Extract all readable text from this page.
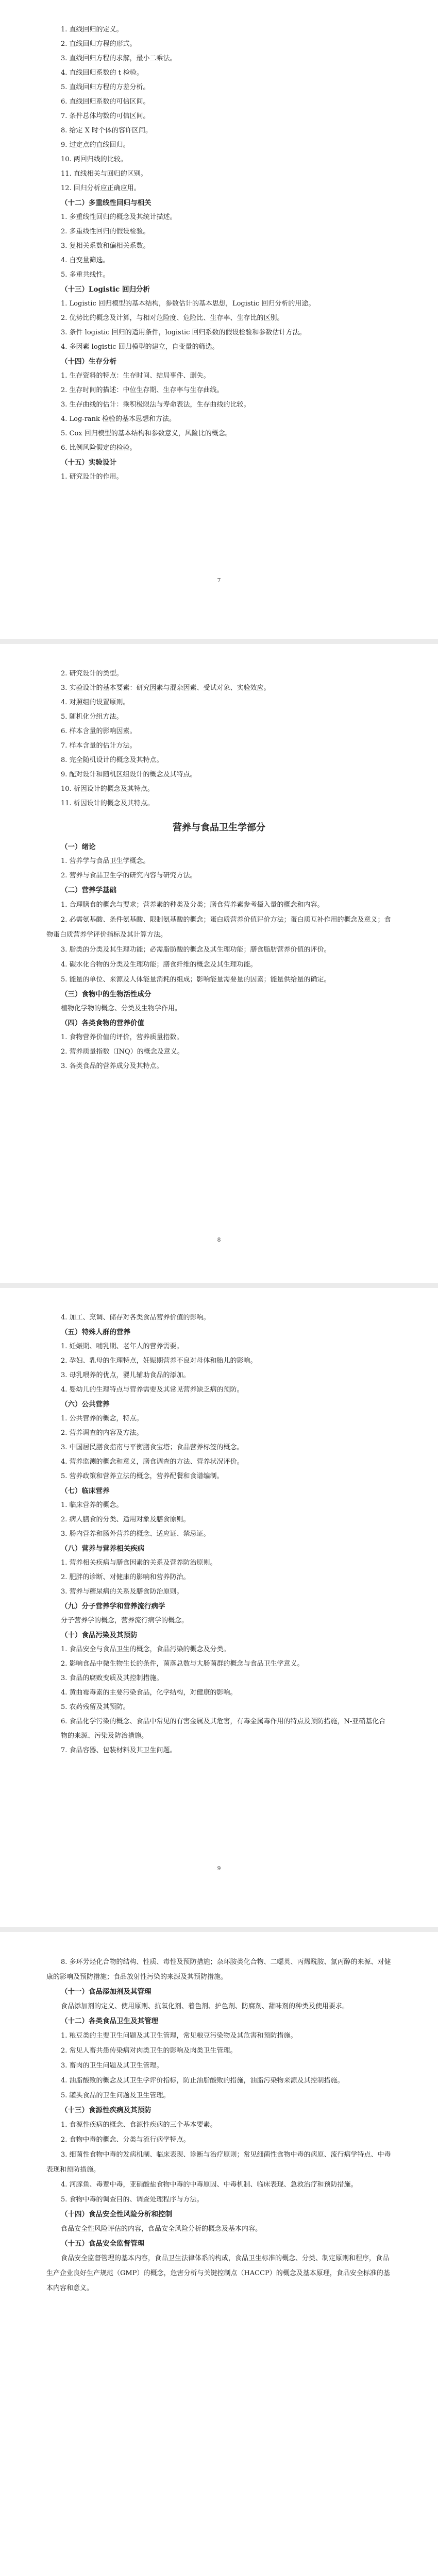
1. 直线回归的定义。

2. 直线回归方程的形式。

3. 直线回归方程的求解，最小二乘法。

4. 直线回归系数的 t 检验。

5. 直线回归方程的方差分析。

6. 直线回归系数的可信区间。

7. 条件总体均数的可信区间。

8. 给定 X 时个体的容许区间。

9. 过定点的直线回归。

10. 两回归线的比较。

11. 直线相关与回归的区别。

12. 回归分析应正确应用。

（十二）多重线性回归与相关

1. 多重线性回归的概念及其统计描述。

2. 多重线性回归的假设检验。

3. 复相关系数和偏相关系数。

4. 自变量筛选。

5. 多重共线性。

（十三）Logistic 回归分析

1. Logistic 回归模型的基本结构，参数估计的基本思想，Logistic 回归分析的用途。

2. 优势比的概念及计算，与相对危险度、危险比、生存率、生存比的区别。

3. 条件 logistic 回归的适用条件，logistic 回归系数的假设检验和参数估计方法。

4. 多因素 logistic 回归模型的建立，自变量的筛选。

（十四）生存分析

1. 生存资料的特点：生存时间、结局事件、删失。

2. 生存时间的描述：中位生存期、生存率与生存曲线。

3. 生存曲线的估计：乘积极限法与寿命表法，生存曲线的比较。

4. Log-rank 检验的基本思想和方法。

5. Cox 回归模型的基本结构和参数意义，风险比的概念。

6. 比例风险假定的检验。

（十五）实验设计

1. 研究设计的作用。

7

2. 研究设计的类型。

3. 实验设计的基本要素：研究因素与混杂因素、受试对象、实验效应。

4. 对照组的设置原则。

5. 随机化分组方法。

6. 样本含量的影响因素。

7. 样本含量的估计方法。

8. 完全随机设计的概念及其特点。

9. 配对设计和随机区组设计的概念及其特点。

10. 析因设计的概念及其特点。

11. 析因设计的概念及其特点。

营养与食品卫生学部分

（一）绪论

1. 营养学与食品卫生学概念。

2. 营养与食品卫生学的研究内容与研究方法。

（二）营养学基础

1. 合理膳食的概念与要求；营养素的种类及分类；膳食营养素参考摄入量的概念和内容。

2. 必需氨基酸、条件氨基酸、限制氨基酸的概念；蛋白质营养价值评价方法；蛋白质互补作用的概念及意义；食物蛋白质营养学评价指标及其计算方法。

3. 脂类的分类及其生理功能；必需脂肪酸的概念及其生理功能；膳食脂肪营养价值的评价。

4. 碳水化合物的分类及生理功能；膳食纤维的概念及其生理功能。

5. 能量的单位、来源及人体能量消耗的组成；影响能量需要量的因素；能量供给量的确定。

（三）食物中的生物活性成分

植物化学物的概念、分类及生物学作用。

（四）各类食物的营养价值

1. 食物营养价值的评价，营养质量指数。

2. 营养质量指数（INQ）的概念及意义。

3. 各类食品的营养成分及其特点。

8

4. 加工、烹调、储存对各类食品营养价值的影响。

（五）特殊人群的营养

1. 妊娠期、哺乳期、老年人的营养需要。

2. 孕妇、乳母的生理特点，妊娠期营养不良对母体和胎儿的影响。

3. 母乳喂养的优点，婴儿辅助食品的添加。

4. 婴幼儿的生理特点与营养需要及其常见营养缺乏病的预防。

（六）公共营养

1. 公共营养的概念，特点。

2. 营养调查的内容及方法。

3. 中国居民膳食指南与平衡膳食宝塔；食品营养标签的概念。

4. 营养监测的概念和意义，膳食调查的方法、营养状况评价。

5. 营养政策和营养立法的概念，营养配餐和食谱编制。

（七）临床营养

1. 临床营养的概念。

2. 病人膳食的分类、适用对象及膳食原则。

3. 肠内营养和肠外营养的概念、适应证、禁忌证。

（八）营养与营养相关疾病

1. 营养相关疾病与膳食因素的关系及营养防治原则。

2. 肥胖的诊断、对健康的影响和营养防治。

3. 营养与糖尿病的关系及膳食防治原则。

（九）分子营养学和营养流行病学

分子营养学的概念，营养流行病学的概念。

（十）食品污染及其预防

1. 食品安全与食品卫生的概念，食品污染的概念及分类。

2. 影响食品中微生物生长的条件，菌落总数与大肠菌群的概念与食品卫生学意义。

3. 食品的腐败变质及其控制措施。

4. 黄曲霉毒素的主要污染食品，化学结构，对健康的影响。

5. 农药残留及其预防。

6. 食品化学污染的概念、食品中常见的有害金属及其危害，有毒金属毒作用的特点及预防措施，N-亚硝基化合物的来源、污染及防治措施。

7. 食品容器、包装材料及其卫生问题。

9

8. 多环芳烃化合物的结构、性质、毒性及预防措施；杂环胺类化合物、二噁英、丙烯酰胺、氯丙醇的来源、对健康的影响及预防措施；食品放射性污染的来源及其预防措施。

（十一）食品添加剂及其管理

食品添加剂的定义、使用原则、抗氧化剂、着色剂、护色剂、防腐剂、甜味剂的种类及使用要求。

（十二）各类食品卫生及其管理

1. 粮豆类的主要卫生问题及其卫生管理，常见粮豆污染物及其危害和预防措施。

2. 常见人畜共患传染病对肉类卫生的影响及肉类卫生管理。

3. 畜肉的卫生问题及其卫生管理。

4. 油脂酸败的概念及其卫生学评价指标，防止油脂酸败的措施，油脂污染物来源及其控制措施。

5. 罐头食品的卫生问题及卫生管理。

（十三）食源性疾病及其预防

1. 食源性疾病的概念、食源性疾病的三个基本要素。

2. 食物中毒的概念、分类与流行病学特点。

3. 细菌性食物中毒的发病机制、临床表现、诊断与治疗原则；常见细菌性食物中毒的病原、流行病学特点、中毒表现和预防措施。

4. 河豚鱼、毒蕈中毒，亚硝酸盐食物中毒的中毒原因、中毒机制、临床表现、急救治疗和预防措施。

5. 食物中毒的调查目的、调查处理程序与方法。

（十四）食品安全性风险分析和控制

食品安全性风险评估的内容，食品安全风险分析的概念及基本内容。

（十五）食品安全监督管理

食品安全监督管理的基本内容，食品卫生法律体系的构成，食品卫生标准的概念、分类、制定原则和程序，食品生产企业良好生产规范（GMP）的概念，危害分析与关键控制点（HACCP）的概念及基本原理，食品安全标准的基本内容和意义。
